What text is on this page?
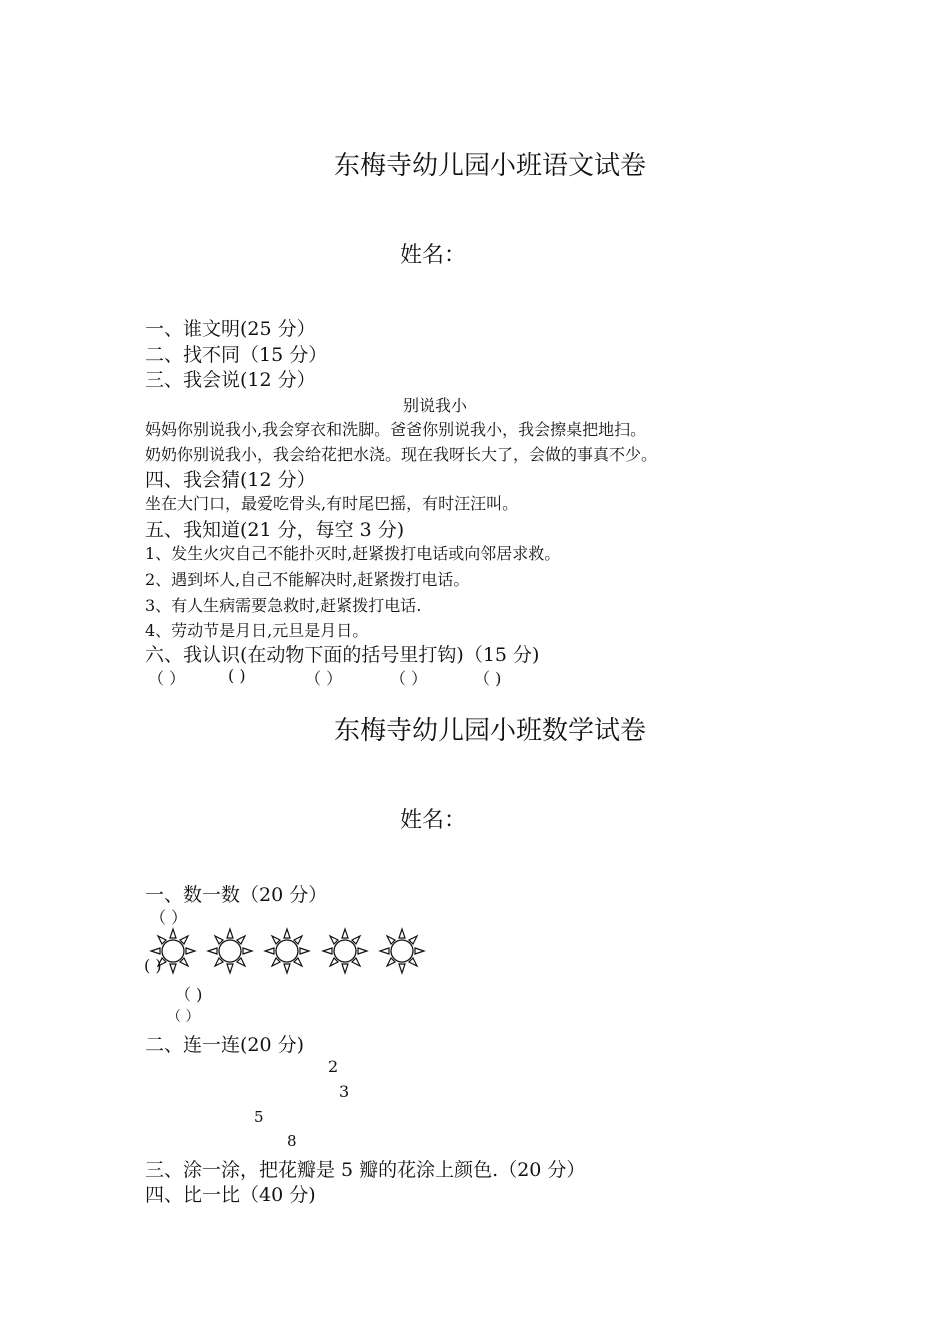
东梅寺幼儿园小班语文试卷
姓名：
一、谁文明(25 分）
二、找不同（15 分）
三、我会说(12 分）
别说我小
妈妈你别说我小,我会穿衣和洗脚。爸爸你别说我小，我会擦桌把地扫。
奶奶你别说我小，我会给花把水浇。现在我呀长大了，会做的事真不少。
四、我会猜(12 分）
坐在大门口，最爱吃骨头,有时尾巴摇，有时汪汪叫。
五、我知道(21 分，每空 3 分)
1、发生火灾自己不能扑灭时,赶紧拨打电话或向邻居求救。
2、遇到坏人,自己不能解决时,赶紧拨打电话。
3、有人生病需要急救时,赶紧拨打电话.
4、劳动节是月日,元旦是月日。
六、我认识(在动物下面的括号里打钩)（15 分)
（ ）	( )	（ ）	（ ）	（ )
东梅寺幼儿园小班数学试卷
姓名：
一、数一数（20 分）
（ ）
( )
（ )
（ ）
二、连一连(20 分)
2
3
5
8
三、涂一涂，把花瓣是 5 瓣的花涂上颜色.（20 分）
四、比一比（40 分)
